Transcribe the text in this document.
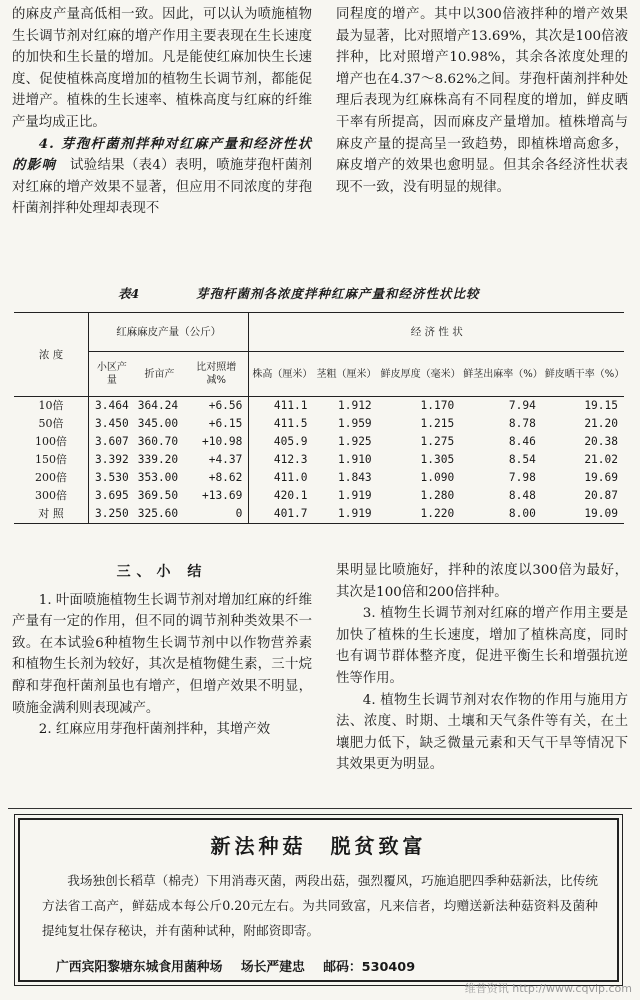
的麻皮产量高低相一致。因此，可以认为喷施植物生长调节剂对红麻的增产作用主要表现在生长速度的加快和生长量的增加。凡是能使红麻加快生长速度、促使植株高度增加的植物生长调节剂，都能促进增产。植株的生长速率、植株高度与红麻的纤维产量均成正比。

4. 芽孢杆菌剂拌种对红麻产量和经济性状的影响　 试验结果（表4）表明，喷施芽孢杆菌剂对红麻的增产效果不显著，但应用不同浓度的芽孢杆菌剂拌种处理却表现不

同程度的增产。其中以300倍液拌种的增产效果最为显著，比对照增产13.69%，其次是100倍液拌种，比对照增产10.98%，其余各浓度处理的增产也在4.37～8.62%之间。芽孢杆菌剂拌种处理后表现为红麻株高有不同程度的增加，鲜皮晒干率有所提高，因而麻皮产量增加。植株增高与麻皮产量的提高呈一致趋势，即植株增高愈多，麻皮增产的效果也愈明显。但其余各经济性状表现不一致，没有明显的规律。

表4	芽孢杆菌剂各浓度拌种红麻产量和经济性状比较
浓 度	红麻麻皮产量（公斤）			经 济 性 状				
	小区产量	折亩产	比对照增减%	株高（厘米）	茎粗（厘米）	鲜皮厚度（毫米）	鲜茎出麻率（%）	鲜皮晒干率（%）
10倍	3.464	364.24	+6.56	411.1	1.912	1.170	7.94	19.15
50倍	3.450	345.00	+6.15	411.5	1.959	1.215	8.78	21.20
100倍	3.607	360.70	+10.98	405.9	1.925	1.275	8.46	20.38
150倍	3.392	339.20	+4.37	412.3	1.910	1.305	8.54	21.02
200倍	3.530	353.00	+8.62	411.0	1.843	1.090	7.98	19.69
300倍	3.695	369.50	+13.69	420.1	1.919	1.280	8.48	20.87
对 照	3.250	325.60	0	401.7	1.919	1.220	8.00	19.09

三、小 结

1. 叶面喷施植物生长调节剂对增加红麻的纤维产量有一定的作用，但不同的调节剂种类效果不一致。在本试验6种植物生长调节剂中以作物营养素和植物生长剂为较好，其次是植物健生素，三十烷醇和芽孢杆菌剂虽也有增产，但增产效果不明显，喷施金满利则表现减产。

2. 红麻应用芽孢杆菌剂拌种，其增产效

果明显比喷施好，拌种的浓度以300倍为最好，其次是100倍和200倍拌种。

3. 植物生长调节剂对红麻的增产作用主要是加快了植株的生长速度，增加了植株高度，同时也有调节群体整齐度，促进平衡生长和增强抗逆性等作用。

4. 植物生长调节剂对农作物的作用与施用方法、浓度、时期、土壤和天气条件等有关，在土壤肥力低下，缺乏微量元素和天气干旱等情况下其效果更为明显。

新法种菇　脱贫致富
我场独创长稻草（棉壳）下用消毒灭菌，两段出菇，强烈覆风，巧施追肥四季种菇新法，比传统方法省工高产，鲜菇成本每公斤0.20元左右。为共同致富，凡来信者，均赠送新法种菇资料及菌种提纯复壮保存秘诀，并有菌种试种，附邮资即寄。
广西宾阳黎塘东城食用菌种场 场长严建忠 邮码：530409
维普资讯 http://www.cqvip.com
